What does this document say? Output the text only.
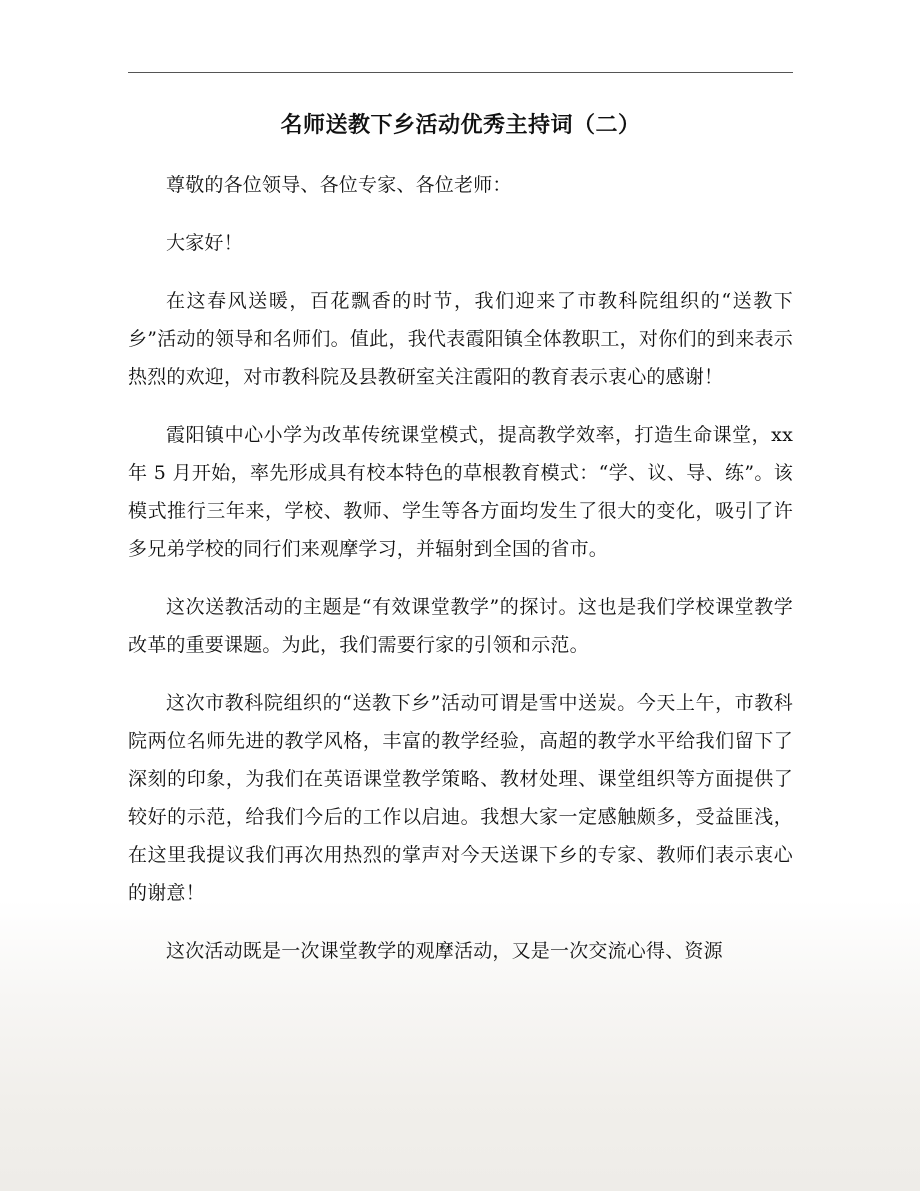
名师送教下乡活动优秀主持词（二）

尊敬的各位领导、各位专家、各位老师：

大家好！

在这春风送暖，百花飘香的时节，我们迎来了市教科院组织的“送教下乡”活动的领导和名师们。值此，我代表霞阳镇全体教职工，对你们的到来表示热烈的欢迎，对市教科院及县教研室关注霞阳的教育表示衷心的感谢！

霞阳镇中心小学为改革传统课堂模式，提高教学效率，打造生命课堂，xx 年 5 月开始，率先形成具有校本特色的草根教育模式：“学、议、导、练”。该模式推行三年来，学校、教师、学生等各方面均发生了很大的变化，吸引了许多兄弟学校的同行们来观摩学习，并辐射到全国的省市。

这次送教活动的主题是“有效课堂教学”的探讨。这也是我们学校课堂教学改革的重要课题。为此，我们需要行家的引领和示范。

这次市教科院组织的“送教下乡”活动可谓是雪中送炭。今天上午，市教科院两位名师先进的教学风格，丰富的教学经验，高超的教学水平给我们留下了深刻的印象，为我们在英语课堂教学策略、教材处理、课堂组织等方面提供了较好的示范，给我们今后的工作以启迪。我想大家一定感触颇多，受益匪浅，在这里我提议我们再次用热烈的掌声对今天送课下乡的专家、教师们表示衷心的谢意！

这次活动既是一次课堂教学的观摩活动，又是一次交流心得、资源
